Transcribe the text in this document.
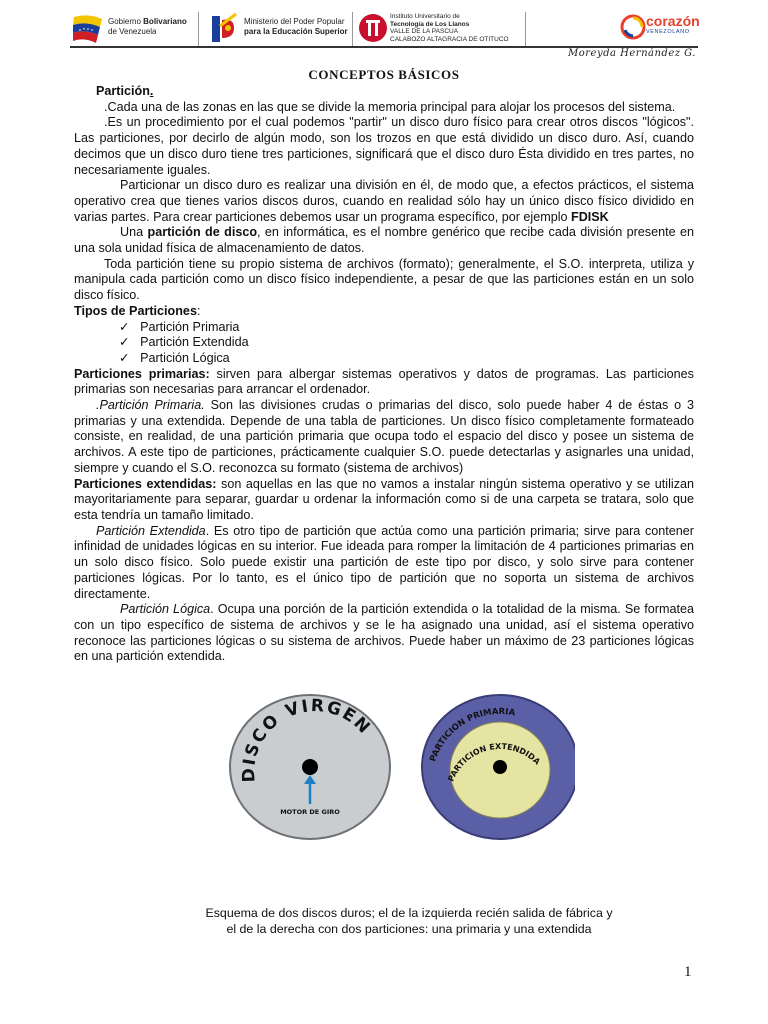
Gobierno Bolivariano
de Venezuela
Ministerio del Poder Popular
para la Educación Superior
Instituto Universitario de
Tecnología de Los Llanos
VALLE DE LA PASCUA
CALABOZO ALTAGRACIA DE OTITUCO
corazón
VENEZOLANO
Moreyda Hernández G.
CONCEPTOS BÁSICOS

Partición.

.Cada una de las zonas en las que se divide la memoria principal para alojar los procesos del sistema.

.Es un procedimiento por el cual podemos "partir" un disco duro físico para crear otros discos "lógicos". Las particiones, por decirlo de algún modo, son los trozos en que está dividido un disco duro. Así, cuando decimos que un disco duro tiene tres particiones, significará que el disco duro Ésta dividido en tres partes, no necesariamente iguales.

Particionar un disco duro es realizar una división en él, de modo que, a efectos prácticos, el sistema operativo crea que tienes varios discos duros, cuando en realidad sólo hay un único disco físico dividido en varias partes. Para crear particiones debemos usar un programa específico, por ejemplo FDISK

Una partición de disco, en informática, es el nombre genérico que recibe cada división presente en una sola unidad física de almacenamiento de datos.

Toda partición tiene su propio sistema de archivos (formato); generalmente, el S.O. interpreta, utiliza y manipula cada partición como un disco físico independiente, a pesar de que las particiones están en un solo disco físico.

Tipos de Particiones:

✓ Partición Primaria

✓ Partición Extendida

✓ Partición Lógica

Particiones primarias: sirven para albergar sistemas operativos y datos de programas. Las particiones primarias son necesarias para arrancar el ordenador.

.Partición Primaria. Son las divisiones crudas o primarias del disco, solo puede haber 4 de éstas o 3 primarias y una extendida. Depende de una tabla de particiones. Un disco físico completamente formateado consiste, en realidad, de una partición primaria que ocupa todo el espacio del disco y posee un sistema de archivos. A este tipo de particiones, prácticamente cualquier S.O. puede detectarlas y asignarles una unidad, siempre y cuando el S.O. reconozca su formato (sistema de archivos)

Particiones extendidas: son aquellas en las que no vamos a instalar ningún sistema operativo y se utilizan mayoritariamente para separar, guardar u ordenar la información como si de una carpeta se tratara, solo que esta tendría un tamaño limitado.

Partición Extendida. Es otro tipo de partición que actúa como una partición primaria; sirve para contener infinidad de unidades lógicas en su interior. Fue ideada para romper la limitación de 4 particiones primarias en un solo disco físico. Solo puede existir una partición de este tipo por disco, y solo sirve para contener particiones lógicas. Por lo tanto, es el único tipo de partición que no soporta un sistema de archivos directamente.

Partición Lógica. Ocupa una porción de la partición extendida o la totalidad de la misma. Se formatea con un tipo específico de sistema de archivos y se le ha asignado una unidad, así el sistema operativo reconoce las particiones lógicas o su sistema de archivos. Puede haber un máximo de 23 particiones lógicas en una partición extendida.

DISCO VIRGEN
MOTOR DE GIRO
PARTICION PRIMARIA
PARTICION EXTENDIDA
Esquema de dos discos duros; el de la izquierda recién salida de fábrica y
el de la derecha con dos particiones: una primaria y una extendida
1
